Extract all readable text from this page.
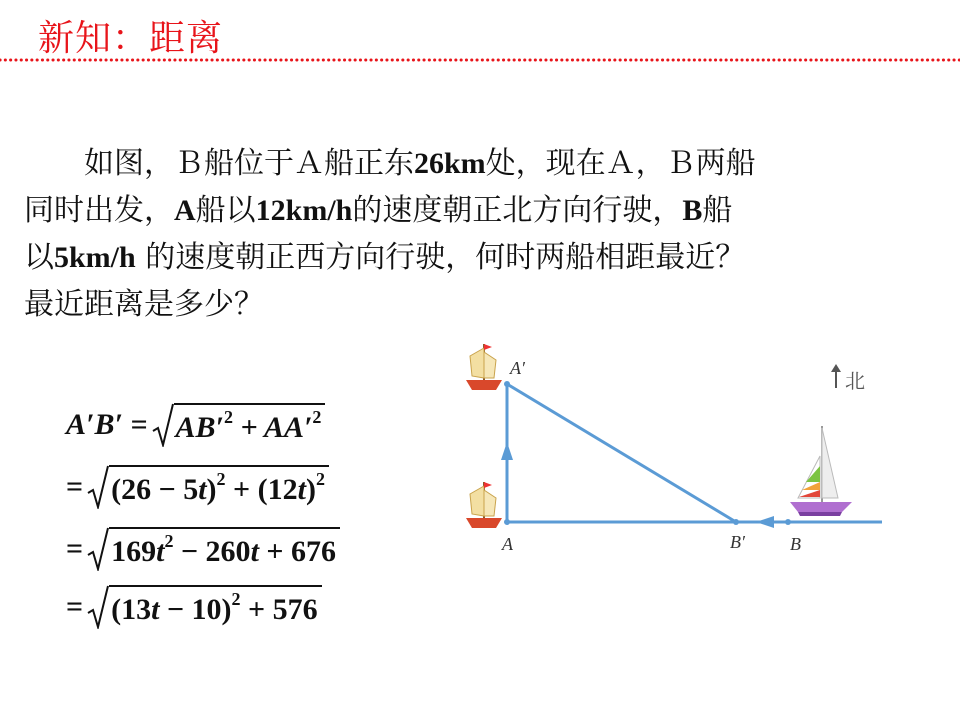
新知：距离
如图，Ｂ船位于Ａ船正东26km处，现在Ａ，Ｂ两船
同时出发，A船以12km/h的速度朝正北方向行驶，B船
以5km/h 的速度朝正西方向行驶，何时两船相距最近？
最近距离是多少？
$A'B' = AB'^2 + AA'^2$
= $(26 - 5t)^2 + (12t)^2$
= $169t^2 - 260t + 676$
= $(13t - 10)^2 + 576$
A′
A	B′	B
北
